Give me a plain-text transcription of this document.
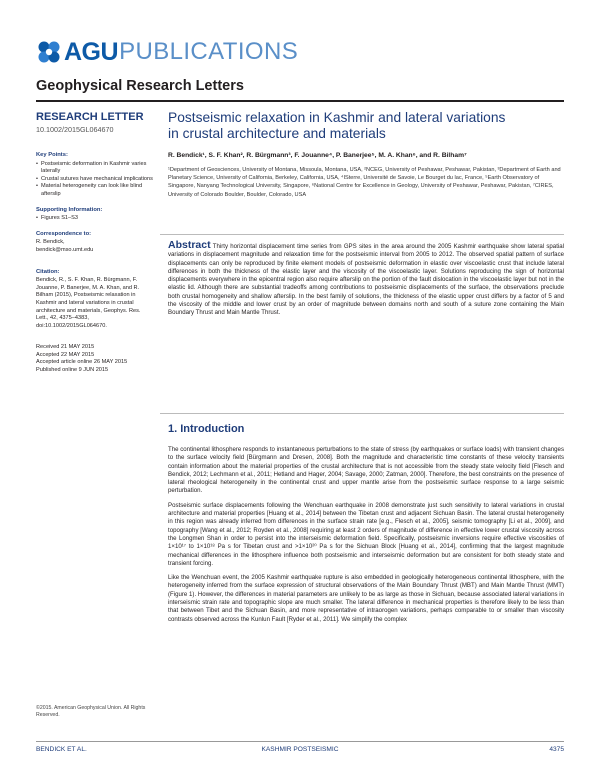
AGU PUBLICATIONS
Geophysical Research Letters
RESEARCH LETTER
10.1002/2015GL064670
Key Points:
• Postseismic deformation in Kashmir varies laterally
• Crustal sutures have mechanical implications
• Material heterogeneity can look like blind afterslip
Supporting Information:
• Figures S1–S3
Correspondence to:
R. Bendick,
bendick@mso.umt.edu
Citation:
Bendick, R., S. F. Khan, R. Bürgmann, F. Jouanne, P. Banerjee, M. A. Khan, and R. Bilham (2015), Postseismic relaxation in Kashmir and lateral variations in crustal architecture and materials, Geophys. Res. Lett., 42, 4375–4383, doi:10.1002/2015GL064670.
Received 21 MAY 2015
Accepted 22 MAY 2015
Accepted article online 26 MAY 2015
Published online 9 JUN 2015
©2015. American Geophysical Union. All Rights Reserved.
Postseismic relaxation in Kashmir and lateral variations
in crustal architecture and materials
R. Bendick¹, S. F. Khan², R. Bürgmann³, F. Jouanne⁴, P. Banerjee⁵, M. A. Khan⁶, and R. Bilham⁷
¹Department of Geosciences, University of Montana, Missoula, Montana, USA, ²NCEG, University of Peshawar, Peshawar, Pakistan, ³Department of Earth and Planetary Science, University of California, Berkeley, California, USA, ⁴ISterre, Université de Savoie, Le Bourget du lac, France, ⁵Earth Observatory of Singapore, Nanyang Technological University, Singapore, ⁶National Centre for Excellence in Geology, University of Peshawar, Peshawar, Pakistan, ⁷CIRES, University of Colorado Boulder, Boulder, Colorado, USA
Abstract Thirty horizontal displacement time series from GPS sites in the area around the 2005 Kashmir earthquake show lateral spatial variations in displacement magnitude and relaxation time for the postseismic interval from 2005 to 2012. The observed spatial pattern of surface displacements can only be reproduced by finite element models of postseismic deformation in elastic over viscoelastic crust that include lateral differences in both the thickness of the elastic layer and the viscosity of the viscoelastic layer. Solutions reproducing the sign of horizontal displacements everywhere in the epicentral region also require afterslip on the portion of the fault dislocation in the viscoelastic layer but not in the elastic lid. Although there are substantial tradeoffs among contributions to postseismic displacements of the surface, the observations preclude both crustal homogeneity and shallow afterslip. In the best family of solutions, the thickness of the elastic upper crust differs by a factor of 5 and the viscosity of the middle and lower crust by an order of magnitude between domains north and south of a suture zone containing the Main Boundary Thrust and Main Mantle Thrust.
1. Introduction

The continental lithosphere responds to instantaneous perturbations to the state of stress (by earthquakes or surface loads) with transient changes to the surface velocity field [Bürgmann and Dresen, 2008]. Both the magnitude and characteristic time constants of these velocity transients contain information about the material properties of the crustal architecture that is not accessible from the steady state velocity field [Flesch and Bendick, 2012; Lechmann et al., 2011; Hetland and Hager, 2004; Savage, 2000; Zatman, 2000]. Therefore, the best constraints on the presence of lateral rheological heterogeneity in the continental crust and upper mantle arise from the postseismic surface response to a large seismic perturbation.

Postseismic surface displacements following the Wenchuan earthquake in 2008 demonstrate just such sensitivity to lateral variations in crustal architecture and material properties [Huang et al., 2014] between the Tibetan crust and adjacent Sichuan Basin. The lateral crustal heterogeneity in this region was already inferred from differences in the surface strain rate [e.g., Flesch et al., 2005], seismic tomography [Li et al., 2009], and topography [Wang et al., 2012; Royden et al., 2008] requiring at least 2 orders of magnitude of difference in effective lower crustal viscosity across the Longmen Shan in order to persist into the interseismic deformation field. Specifically, postseismic inversions require effective viscosities of 1×10¹⁷ to 1×10¹⁸ Pa s for Tibetan crust and >1×10²⁰ Pa s for the Sichuan Block [Huang et al., 2014], confirming that the largest magnitude mechanical differences in the lithosphere influence both postseismic and interseismic deformation but are consistent for both steady state and transient forcing.

Like the Wenchuan event, the 2005 Kashmir earthquake rupture is also embedded in geologically heterogeneous continental lithosphere, with the heterogeneity inferred from the surface expression of structural observations of the Main Boundary Thrust (MBT) and Main Mantle Thrust (MMT) (Figure 1). However, the differences in material parameters are unlikely to be as large as those in Sichuan, because associated lateral variations in interseismic strain rate and topographic slope are much smaller. The lateral difference in mechanical properties is therefore likely to be less than that between Tibet and the Sichuan Basin, and more representative of intraorogen variations, perhaps comparable to or smaller than viscosity contrasts observed across the Kunlun Fault [Ryder et al., 2011]. We simplify the complex

BENDICK ET AL.	KASHMIR POSTSEISMIC	4375
